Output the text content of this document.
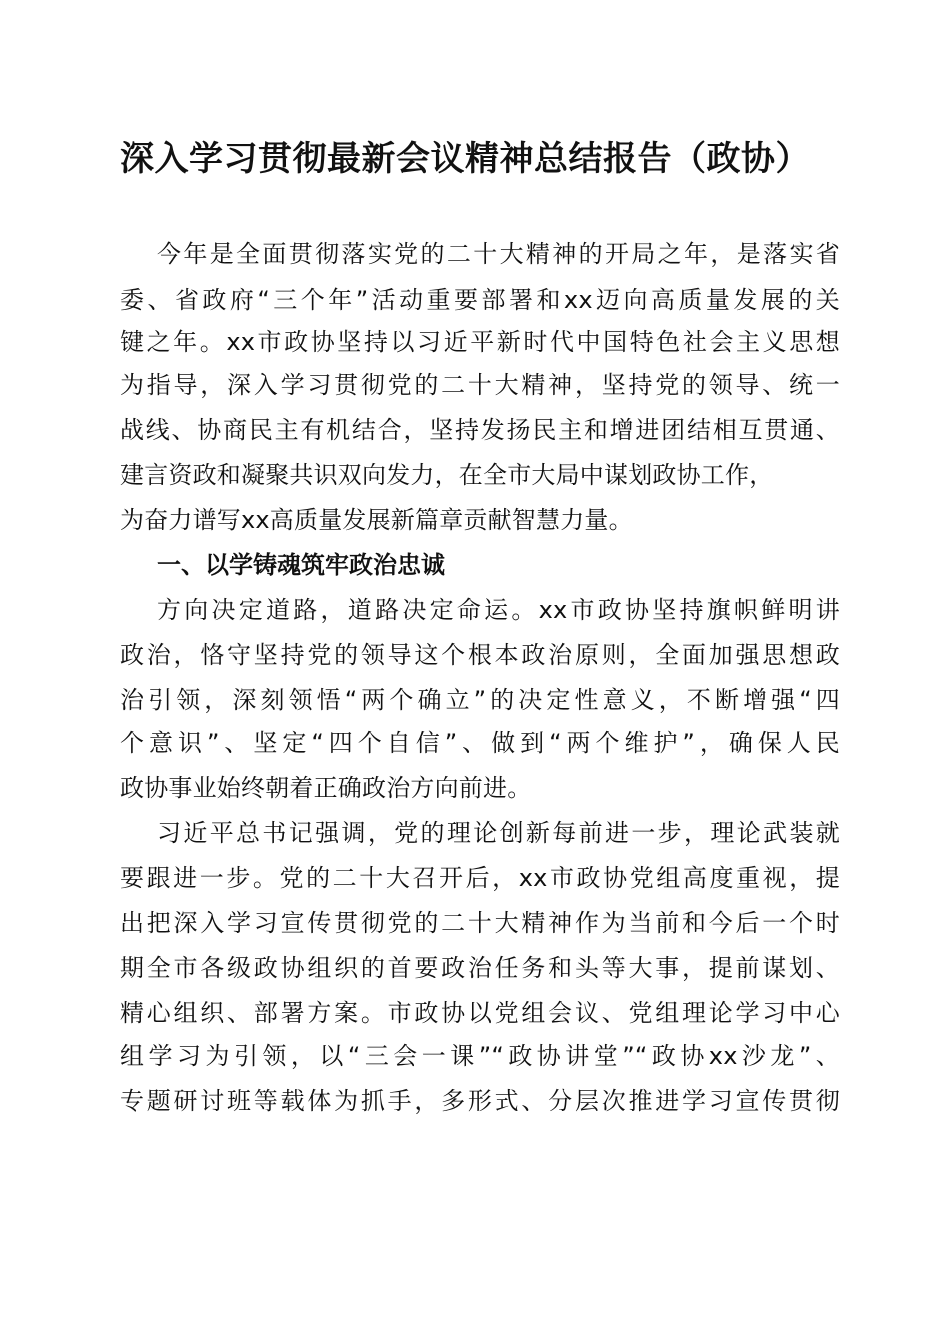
深入学习贯彻最新会议精神总结报告（政协）
今年是全面贯彻落实党的二十大精神的开局之年，是落实省
委、省政府“三个年”活动重要部署和xx迈向高质量发展的关
键之年。xx市政协坚持以习近平新时代中国特色社会主义思想
为指导，深入学习贯彻党的二十大精神，坚持党的领导、统一
战线、协商民主有机结合，坚持发扬民主和增进团结相互贯通、
建言资政和凝聚共识双向发力，在全市大局中谋划政协工作，
为奋力谱写xx高质量发展新篇章贡献智慧力量。
一、以学铸魂筑牢政治忠诚
方向决定道路，道路决定命运。xx市政协坚持旗帜鲜明讲
政治，恪守坚持党的领导这个根本政治原则，全面加强思想政
治引领，深刻领悟“两个确立”的决定性意义，不断增强“四
个意识”、坚定“四个自信”、做到“两个维护”，确保人民
政协事业始终朝着正确政治方向前进。
习近平总书记强调，党的理论创新每前进一步，理论武装就
要跟进一步。党的二十大召开后，xx市政协党组高度重视，提
出把深入学习宣传贯彻党的二十大精神作为当前和今后一个时
期全市各级政协组织的首要政治任务和头等大事，提前谋划、
精心组织、部署方案。市政协以党组会议、党组理论学习中心
组学习为引领，以“三会一课”“政协讲堂”“政协xx沙龙”、
专题研讨班等载体为抓手，多形式、分层次推进学习宣传贯彻
